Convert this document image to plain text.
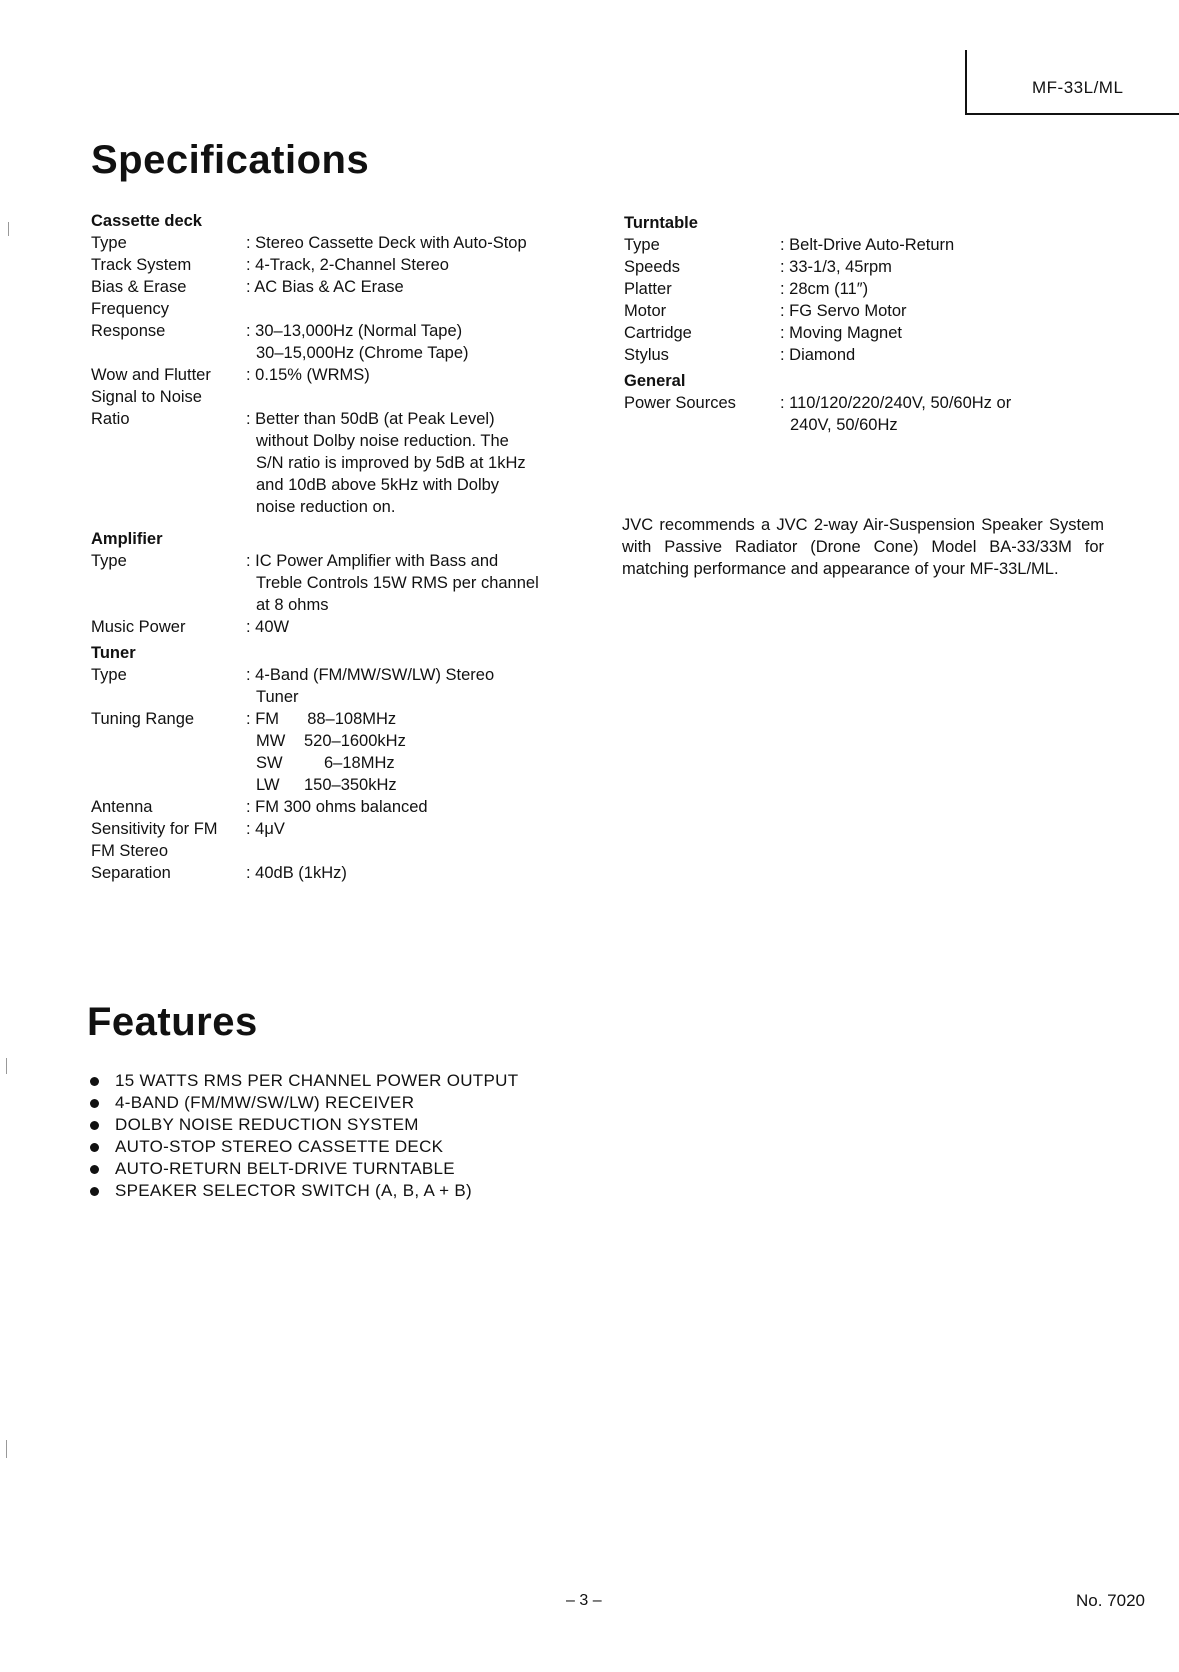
MF-33L/ML
Specifications
Cassette deck
Type	: Stereo Cassette Deck with Auto-Stop
Track System	: 4-Track, 2-Channel Stereo
Bias & Erase	: AC Bias & AC Erase
Frequency
Response	: 30–13,000Hz (Normal Tape)
30–15,000Hz (Chrome Tape)
Wow and Flutter : 0.15% (WRMS)
Signal to Noise
Ratio	: Better than 50dB (at Peak Level)
without Dolby noise reduction. The
S/N ratio is improved by 5dB at 1kHz
and 10dB above 5kHz with Dolby
noise reduction on.
Amplifier
Type	: IC Power Amplifier with Bass and
Treble Controls 15W RMS per channel
at 8 ohms
Music Power	: 40W
Tuner
Type	: 4-Band (FM/MW/SW/LW) Stereo
Tuner
Tuning Range	: FM 88–108MHz
MW 520–1600kHz
SW	6–18MHz
LW 150–350kHz
Antenna	: FM 300 ohms balanced
Sensitivity for FM : 4μV
FM Stereo
Separation	: 40dB (1kHz)
Turntable
Type	: Belt-Drive Auto-Return
Speeds	: 33-1/3, 45rpm
Platter	: 28cm (11″)
Motor	: FG Servo Motor
Cartridge	: Moving Magnet
Stylus	: Diamond
General
Power Sources	: 110/120/220/240V, 50/60Hz or
240V, 50/60Hz

JVC recommends a JVC 2-way Air-Suspension Speaker System with Passive Radiator (Drone Cone) Model BA-33/33M for matching performance and appearance of your MF-33L/ML.

Features
15 WATTS RMS PER CHANNEL POWER OUTPUT
4-BAND (FM/MW/SW/LW) RECEIVER
DOLBY NOISE REDUCTION SYSTEM
AUTO-STOP STEREO CASSETTE DECK
AUTO-RETURN BELT-DRIVE TURNTABLE
SPEAKER SELECTOR SWITCH (A, B, A + B)
– 3 –	No. 7020
